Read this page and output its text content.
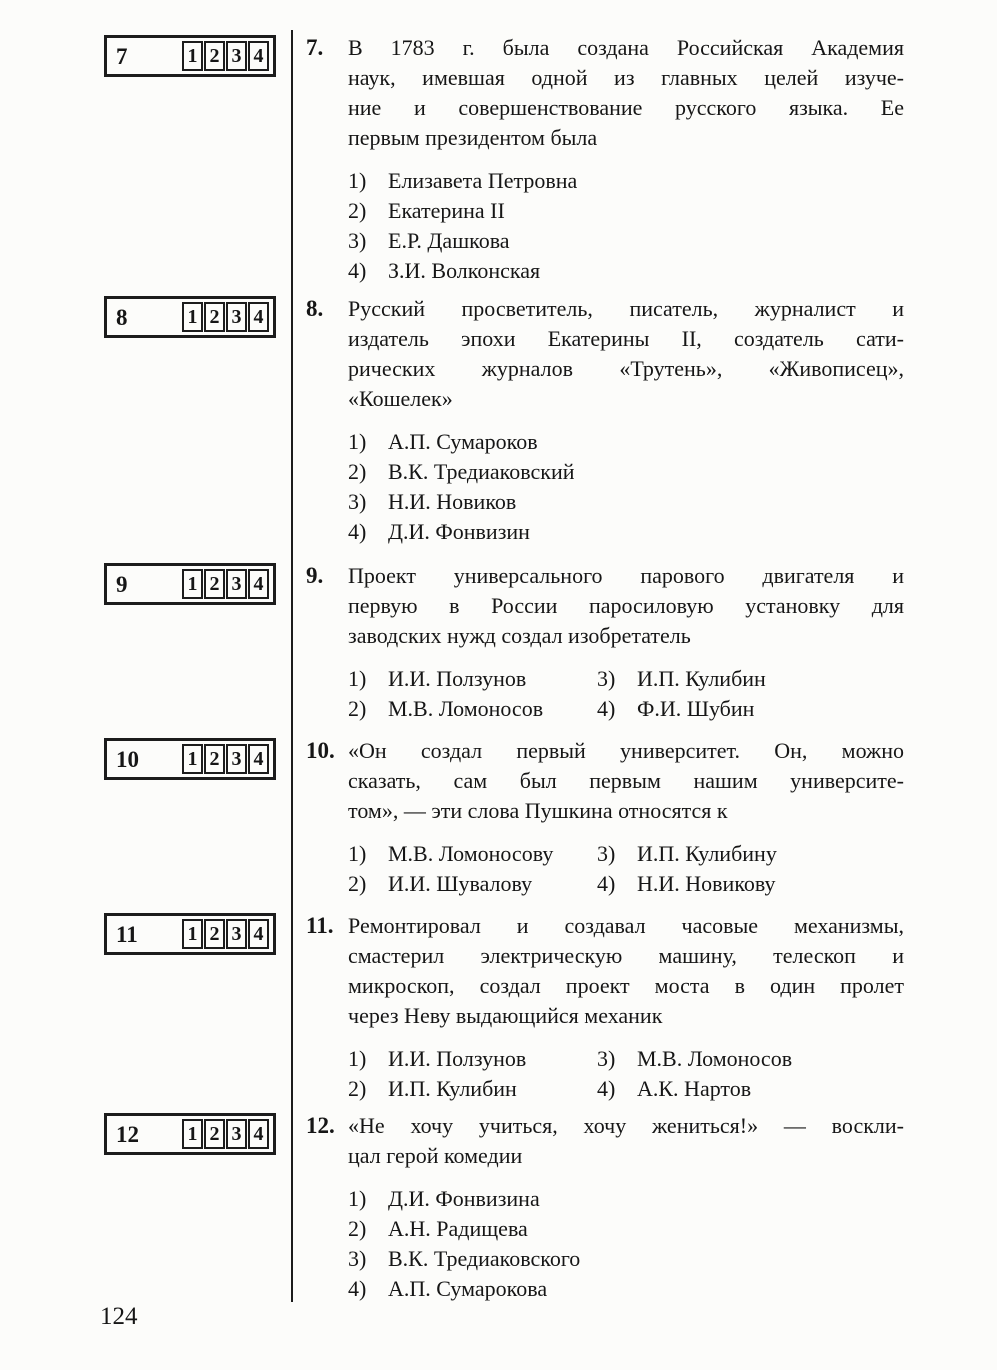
7	1 2 3 4 7.	В 1783 г. была создана Российская Академия
наук, имевшая одной из главных целей изуче-
ние и совершенствование русского языка. Ее
первым президентом была
1) Елизавета Петровна
2) Екатерина II
3) Е.Р. Дашкова
4) З.И. Волконская
8	1 2 3 4 8.	Русский просветитель, писатель, журналист и
издатель эпохи Екатерины II, создатель сати-
рических журналов «Трутень», «Живописец»,
«Кошелек»
1) А.П. Сумароков
2) В.К. Тредиаковский
3) Н.И. Новиков
4) Д.И. Фонвизин
9	1 2 3 4 9.	Проект универсального парового двигателя и
первую в России паросиловую установку для
заводских нужд создал изобретатель
1) И.И. Ползунов
2) М.В. Ломоносов
3) И.П. Кулибин
4) Ф.И. Шубин
10 1 2 3 4 10. «Он создал первый университет. Он, можно
сказать, сам был первым нашим университе-
том», — эти слова Пушкина относятся к
1) М.В. Ломоносову
2) И.И. Шувалову
3) И.П. Кулибину
4) Н.И. Новикову
11 1 2 3 4 11. Ремонтировал и создавал часовые механизмы,
смастерил электрическую машину, телескоп и
микроскоп, создал проект моста в один пролет
через Неву выдающийся механик
1) И.И. Ползунов
2) И.П. Кулибин
3) М.В. Ломоносов
4) А.К. Нартов
12 1 2 3 4 12. «Не хочу учиться, хочу жениться!» — воскли-
цал герой комедии
1) Д.И. Фонвизина
2) А.Н. Радищева
3) В.К. Тредиаковского
4) А.П. Сумарокова
124
